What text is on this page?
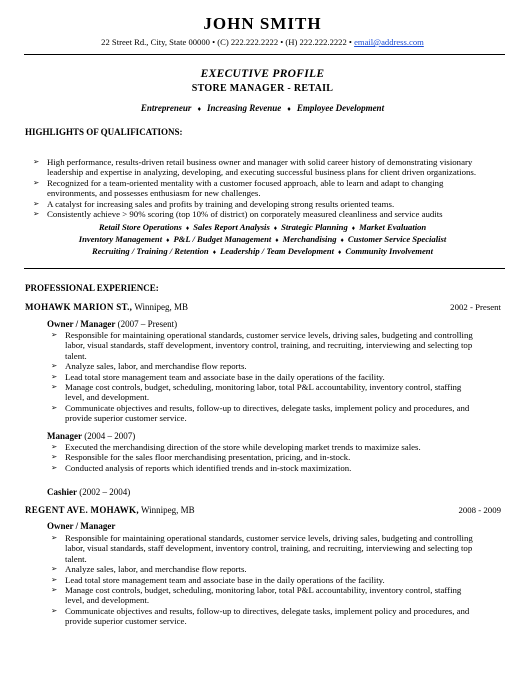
JOHN SMITH
22 Street Rd., City, State 00000 • (C) 222.222.2222 • (H) 222.222.2222 • email@address.com
EXECUTIVE PROFILE
STORE MANAGER - RETAIL
Entrepreneur ♦ Increasing Revenue ♦ Employee Development
HIGHLIGHTS OF QUALIFICATIONS:
➢ High performance, results-driven retail business owner and manager with solid career history of demonstrating visionary
leadership and expertise in analyzing, developing, and executing successful business plans for client driven organizations.
➢ Recognized for a team-oriented mentality with a customer focused approach, able to learn and adapt to changing
environments, and possesses enthusiasm for new challenges.
➢ A catalyst for increasing sales and profits by training and developing strong results oriented teams.
➢ Consistently achieve > 90% scoring (top 10% of district) on corporately measured cleanliness and service audits
Retail Store Operations ♦ Sales Report Analysis ♦ Strategic Planning ♦ Market Evaluation
Inventory Management ♦ P&L / Budget Management ♦ Merchandising ♦ Customer Service Specialist
Recruiting / Training / Retention ♦ Leadership / Team Development ♦ Community Involvement
PROFESSIONAL EXPERIENCE:
MOHAWK MARION ST., Winnipeg, MB	2002 - Present
Owner / Manager (2007 – Present)
➢ Responsible for maintaining operational standards, customer service levels, driving sales, budgeting and controlling
labor, visual standards, staff development, inventory control, training, and recruiting, interviewing and selecting top
talent.
➢ Analyze sales, labor, and merchandise flow reports.
➢ Lead total store management team and associate base in the daily operations of the facility.
➢ Manage cost controls, budget, scheduling, monitoring labor, total P&L accountability, inventory control, staffing
level, and development.
➢ Communicate objectives and results, follow-up to directives, delegate tasks, implement policy and procedures, and
provide superior customer service.
Manager (2004 – 2007)
➢ Executed the merchandising direction of the store while developing market trends to maximize sales.
➢ Responsible for the sales floor merchandising presentation, pricing, and in-stock.
➢ Conducted analysis of reports which identified trends and in-stock maximization.
Cashier (2002 – 2004)
REGENT AVE. MOHAWK, Winnipeg, MB	2008 - 2009
Owner / Manager
➢ Responsible for maintaining operational standards, customer service levels, driving sales, budgeting and controlling
labor, visual standards, staff development, inventory control, training, and recruiting, interviewing and selecting top
talent.
➢ Analyze sales, labor, and merchandise flow reports.
➢ Lead total store management team and associate base in the daily operations of the facility.
➢ Manage cost controls, budget, scheduling, monitoring labor, total P&L accountability, inventory control, staffing
level, and development.
➢ Communicate objectives and results, follow-up to directives, delegate tasks, implement policy and procedures, and
provide superior customer service.
